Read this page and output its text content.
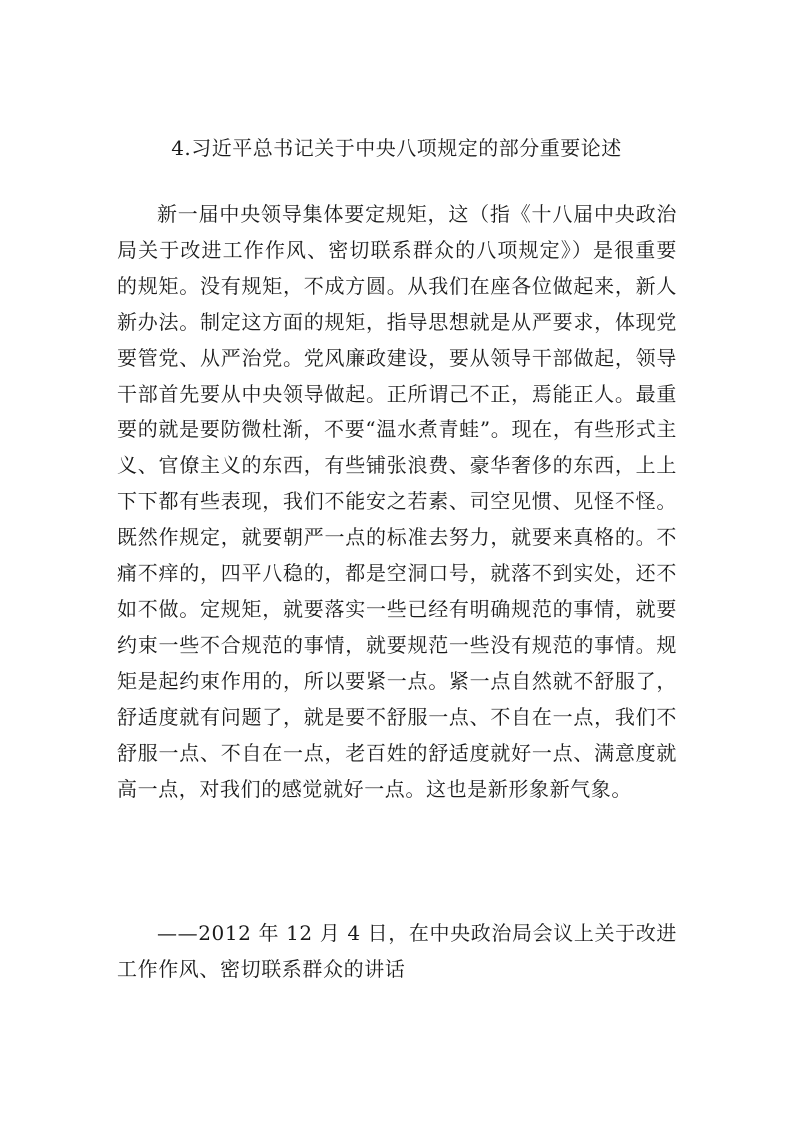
4.习近平总书记关于中央八项规定的部分重要论述

新一届中央领导集体要定规矩，这（指《十八届中央政治局关于改进工作作风、密切联系群众的八项规定》）是很重要的规矩。没有规矩，不成方圆。从我们在座各位做起来，新人新办法。制定这方面的规矩，指导思想就是从严要求，体现党要管党、从严治党。党风廉政建设，要从领导干部做起，领导干部首先要从中央领导做起。正所谓己不正，焉能正人。最重要的就是要防微杜渐，不要“温水煮青蛙”。现在，有些形式主义、官僚主义的东西，有些铺张浪费、豪华奢侈的东西，上上下下都有些表现，我们不能安之若素、司空见惯、见怪不怪。既然作规定，就要朝严一点的标准去努力，就要来真格的。不痛不痒的，四平八稳的，都是空洞口号，就落不到实处，还不如不做。定规矩，就要落实一些已经有明确规范的事情，就要约束一些不合规范的事情，就要规范一些没有规范的事情。规矩是起约束作用的，所以要紧一点。紧一点自然就不舒服了，舒适度就有问题了，就是要不舒服一点、不自在一点，我们不舒服一点、不自在一点，老百姓的舒适度就好一点、满意度就高一点，对我们的感觉就好一点。这也是新形象新气象。

——2012 年 12 月 4 日，在中央政治局会议上关于改进工作作风、密切联系群众的讲话
